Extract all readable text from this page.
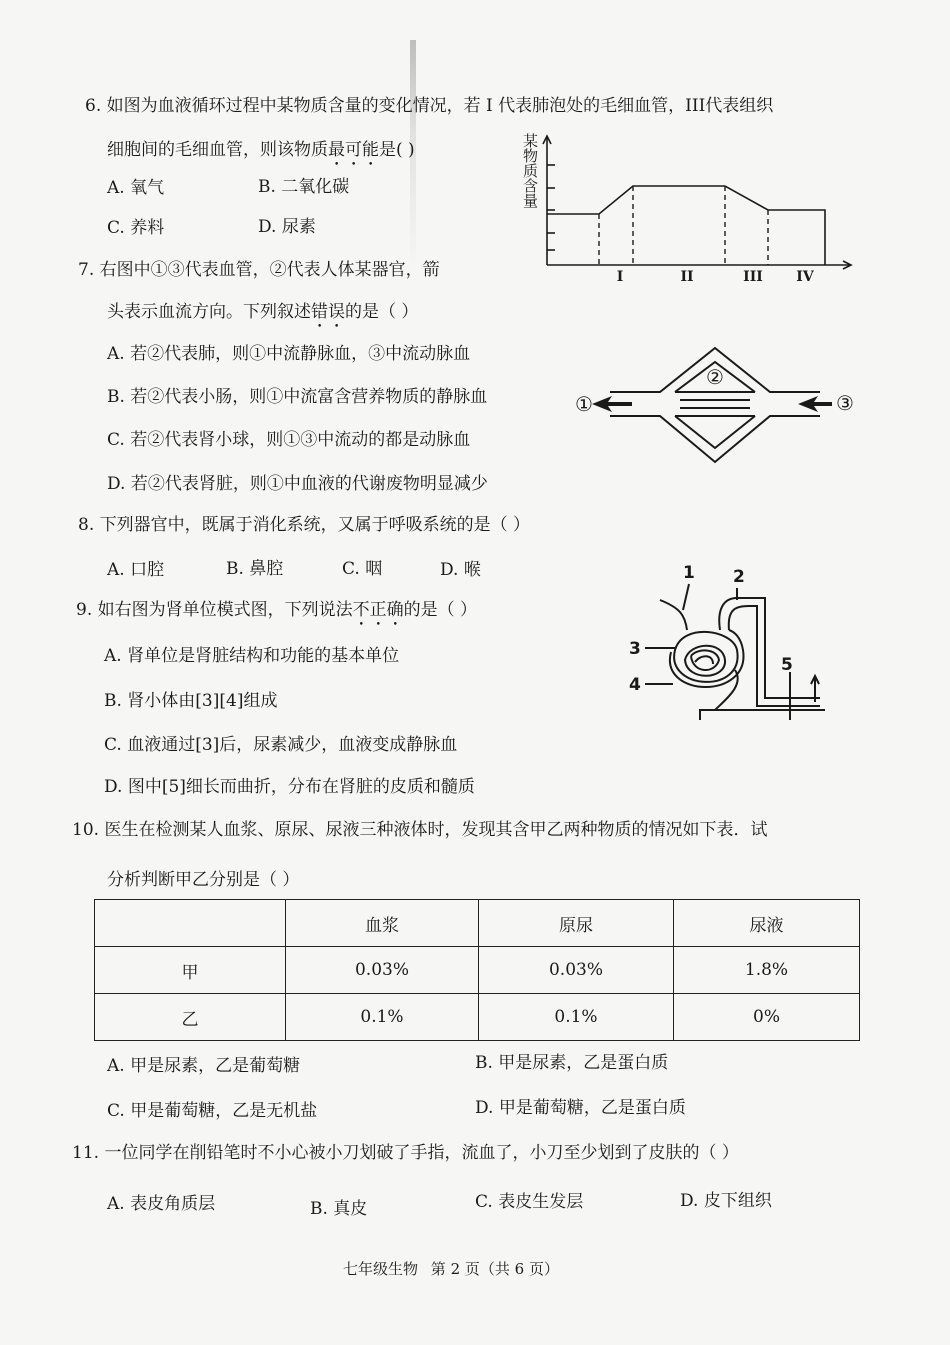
6. 如图为血液循环过程中某物质含量的变化情况，若 I 代表肺泡处的毛细血管，III代表组织
细胞间的毛细血管，则该物质最可能是( )
A. 氧气	B. 二氧化碳
C. 养料	D. 尿素
某
物
质
含
量
I	II	III IV
7. 右图中①③代表血管，②代表人体某器官，箭
头表示血流方向。下列叙述错误的是（ ）
A. 若②代表肺，则①中流静脉血，③中流动脉血
B. 若②代表小肠，则①中流富含营养物质的静脉血
C. 若②代表肾小球，则①③中流动的都是动脉血
D. 若②代表肾脏，则①中血液的代谢废物明显减少
①
②
③
8. 下列器官中，既属于消化系统，又属于呼吸系统的是（ ）
A. 口腔	B. 鼻腔	C. 咽	D. 喉
9. 如右图为肾单位模式图，下列说法不正确的是（ ）
A. 肾单位是肾脏结构和功能的基本单位
B. 肾小体由[3][4]组成
C. 血液通过[3]后，尿素减少，血液变成静脉血
D. 图中[5]细长而曲折，分布在肾脏的皮质和髓质
1 2
3
4
5
10. 医生在检测某人血浆、原尿、尿液三种液体时，发现其含甲乙两种物质的情况如下表．试
分析判断甲乙分别是（ ）
	血浆	原尿	尿液
甲	0.03%	0.03%	1.8%
乙	0.1%	0.1%	0%
A. 甲是尿素，乙是葡萄糖	B. 甲是尿素，乙是蛋白质
C. 甲是葡萄糖，乙是无机盐	D. 甲是葡萄糖，乙是蛋白质
11. 一位同学在削铅笔时不小心被小刀划破了手指，流血了，小刀至少划到了皮肤的（ ）
A. 表皮角质层	B. 真皮	C. 表皮生发层	D. 皮下组织
七年级生物 第 2 页（共 6 页）
